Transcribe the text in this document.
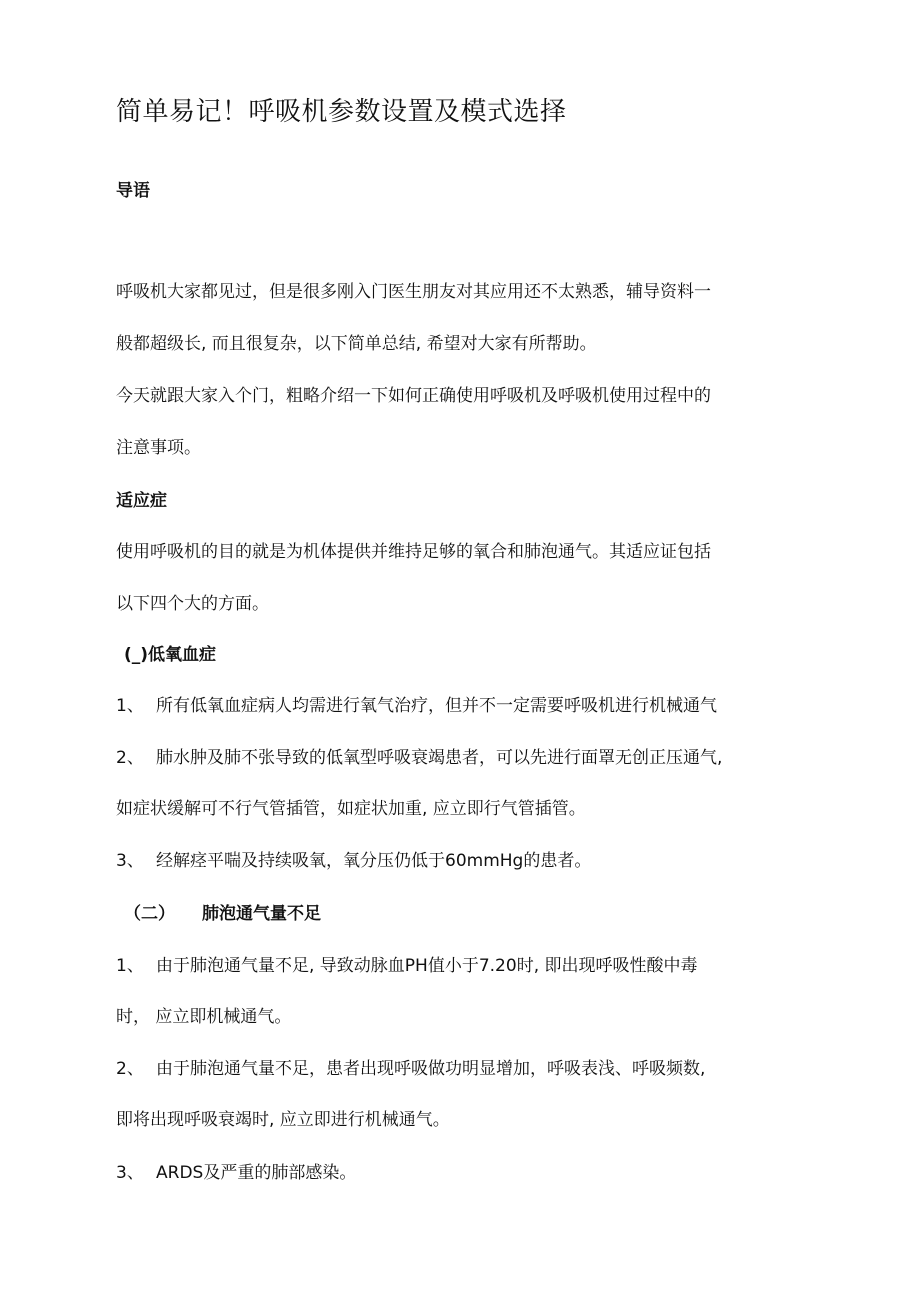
简单易记！呼吸机参数设置及模式选择
导语
呼吸机大家都见过，但是很多刚入门医生朋友对其应用还不太熟悉，辅导资料一
般都超级长, 而且很复杂，以下简单总结, 希望对大家有所帮助。
今天就跟大家入个门，粗略介绍一下如何正确使用呼吸机及呼吸机使用过程中的
注意事项。
适应症
使用呼吸机的目的就是为机体提供并维持足够的氧合和肺泡通气。其适应证包括
以下四个大的方面。
(_)低氧血症
1、 所有低氧血症病人均需进行氧气治疗，但并不一定需要呼吸机进行机械通气
2、 肺水肿及肺不张导致的低氧型呼吸衰竭患者，可以先进行面罩无创正压通气,
如症状缓解可不行气管插管，如症状加重, 应立即行气管插管。
3、 经解痉平喘及持续吸氧，氧分压仍低于60mmHg的患者。
（二） 肺泡通气量不足
1、 由于肺泡通气量不足, 导致动脉血PH值小于7.20时, 即出现呼吸性酸中毒
时， 应立即机械通气。
2、 由于肺泡通气量不足，患者出现呼吸做功明显增加，呼吸表浅、呼吸频数,
即将出现呼吸衰竭时, 应立即进行机械通气。
3、 ARDS及严重的肺部感染。
